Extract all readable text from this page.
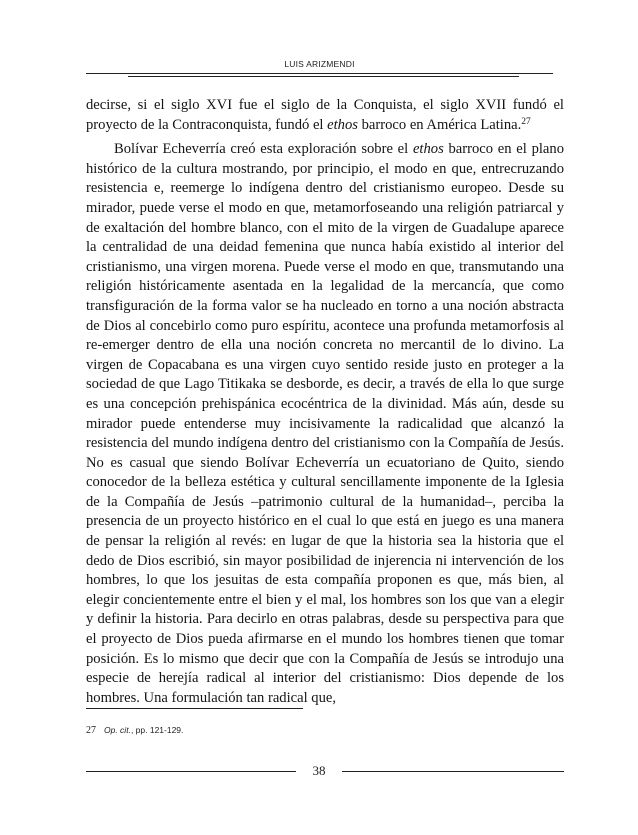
LUIS ARIZMENDI

decirse, si el siglo XVI fue el siglo de la Conquista, el siglo XVII fundó el proyecto de la Contraconquista, fundó el ethos barroco en América Latina.$^{27}$

Bolívar Echeverría creó esta exploración sobre el ethos barroco en el plano histórico de la cultura mostrando, por principio, el modo en que, entrecruzando resistencia e, reemerge lo indígena dentro del cristianismo europeo. Desde su mirador, puede verse el modo en que, metamorfoseando una religión patriarcal y de exaltación del hombre blanco, con el mito de la virgen de Guadalupe aparece la centralidad de una deidad femenina que nunca había existido al interior del cristianismo, una virgen morena. Puede verse el modo en que, transmutando una religión históricamente asentada en la legalidad de la mercancía, que como transfiguración de la forma valor se ha nucleado en torno a una noción abstracta de Dios al concebirlo como puro espíritu, acontece una profunda metamorfosis al re-emerger dentro de ella una noción concreta no mercantil de lo divino. La virgen de Copacabana es una virgen cuyo sentido reside justo en proteger a la sociedad de que Lago Titikaka se desborde, es decir, a través de ella lo que surge es una concepción prehispánica ecocéntrica de la divinidad. Más aún, desde su mirador puede entenderse muy incisivamente la radicalidad que alcanzó la resistencia del mundo indígena dentro del cristianismo con la Compañía de Jesús. No es casual que siendo Bolívar Echeverría un ecuatoriano de Quito, siendo conocedor de la belleza estética y cultural sencillamente imponente de la Iglesia de la Compañía de Jesús –patrimonio cultural de la humanidad–, perciba la presencia de un proyecto histórico en el cual lo que está en juego es una manera de pensar la religión al revés: en lugar de que la historia sea la historia que el dedo de Dios escribió, sin mayor posibilidad de injerencia ni intervención de los hombres, lo que los jesuitas de esta compañía proponen es que, más bien, al elegir concientemente entre el bien y el mal, los hombres son los que van a elegir y definir la historia. Para decirlo en otras palabras, desde su perspectiva para que el proyecto de Dios pueda afirmarse en el mundo los hombres tienen que tomar posición. Es lo mismo que decir que con la Compañía de Jesús se introdujo una especie de herejía radical al interior del cristianismo: Dios depende de los hombres. Una formulación tan radical que,

27 Op. cit., pp. 121-129.
38
